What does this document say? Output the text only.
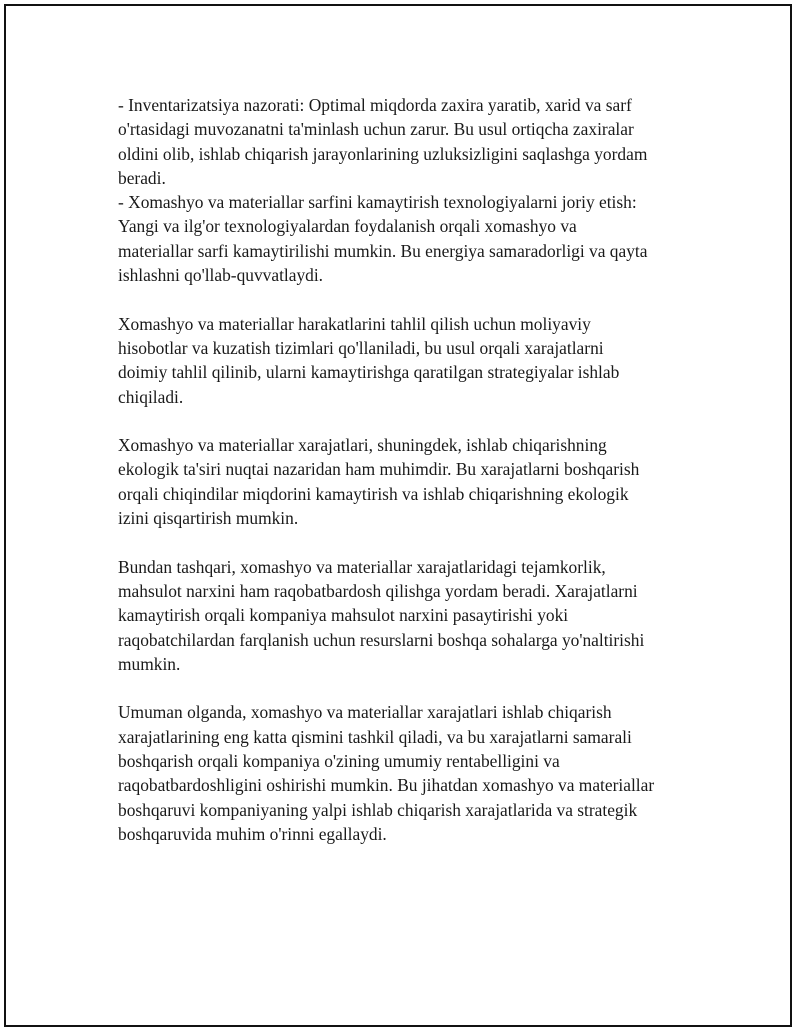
- Inventarizatsiya nazorati: Optimal miqdorda zaxira yaratib, xarid va sarf
o'rtasidagi muvozanatni ta'minlash uchun zarur. Bu usul ortiqcha zaxiralar
oldini olib, ishlab chiqarish jarayonlarining uzluksizligini saqlashga yordam
beradi.
- Xomashyo va materiallar sarfini kamaytirish texnologiyalarni joriy etish:
Yangi va ilg'or texnologiyalardan foydalanish orqali xomashyo va
materiallar sarfi kamaytirilishi mumkin. Bu energiya samaradorligi va qayta
ishlashni qo'llab-quvvatlaydi.

Xomashyo va materiallar harakatlarini tahlil qilish uchun moliyaviy
hisobotlar va kuzatish tizimlari qo'llaniladi, bu usul orqali xarajatlarni
doimiy tahlil qilinib, ularni kamaytirishga qaratilgan strategiyalar ishlab
chiqiladi.

Xomashyo va materiallar xarajatlari, shuningdek, ishlab chiqarishning
ekologik ta'siri nuqtai nazaridan ham muhimdir. Bu xarajatlarni boshqarish
orqali chiqindilar miqdorini kamaytirish va ishlab chiqarishning ekologik
izini qisqartirish mumkin.

Bundan tashqari, xomashyo va materiallar xarajatlaridagi tejamkorlik,
mahsulot narxini ham raqobatbardosh qilishga yordam beradi. Xarajatlarni
kamaytirish orqali kompaniya mahsulot narxini pasaytirishi yoki
raqobatchilardan farqlanish uchun resurslarni boshqa sohalarga yo'naltirishi
mumkin.

Umuman olganda, xomashyo va materiallar xarajatlari ishlab chiqarish
xarajatlarining eng katta qismini tashkil qiladi, va bu xarajatlarni samarali
boshqarish orqali kompaniya o'zining umumiy rentabelligini va
raqobatbardoshligini oshirishi mumkin. Bu jihatdan xomashyo va materiallar
boshqaruvi kompaniyaning yalpi ishlab chiqarish xarajatlarida va strategik
boshqaruvida muhim o'rinni egallaydi.
